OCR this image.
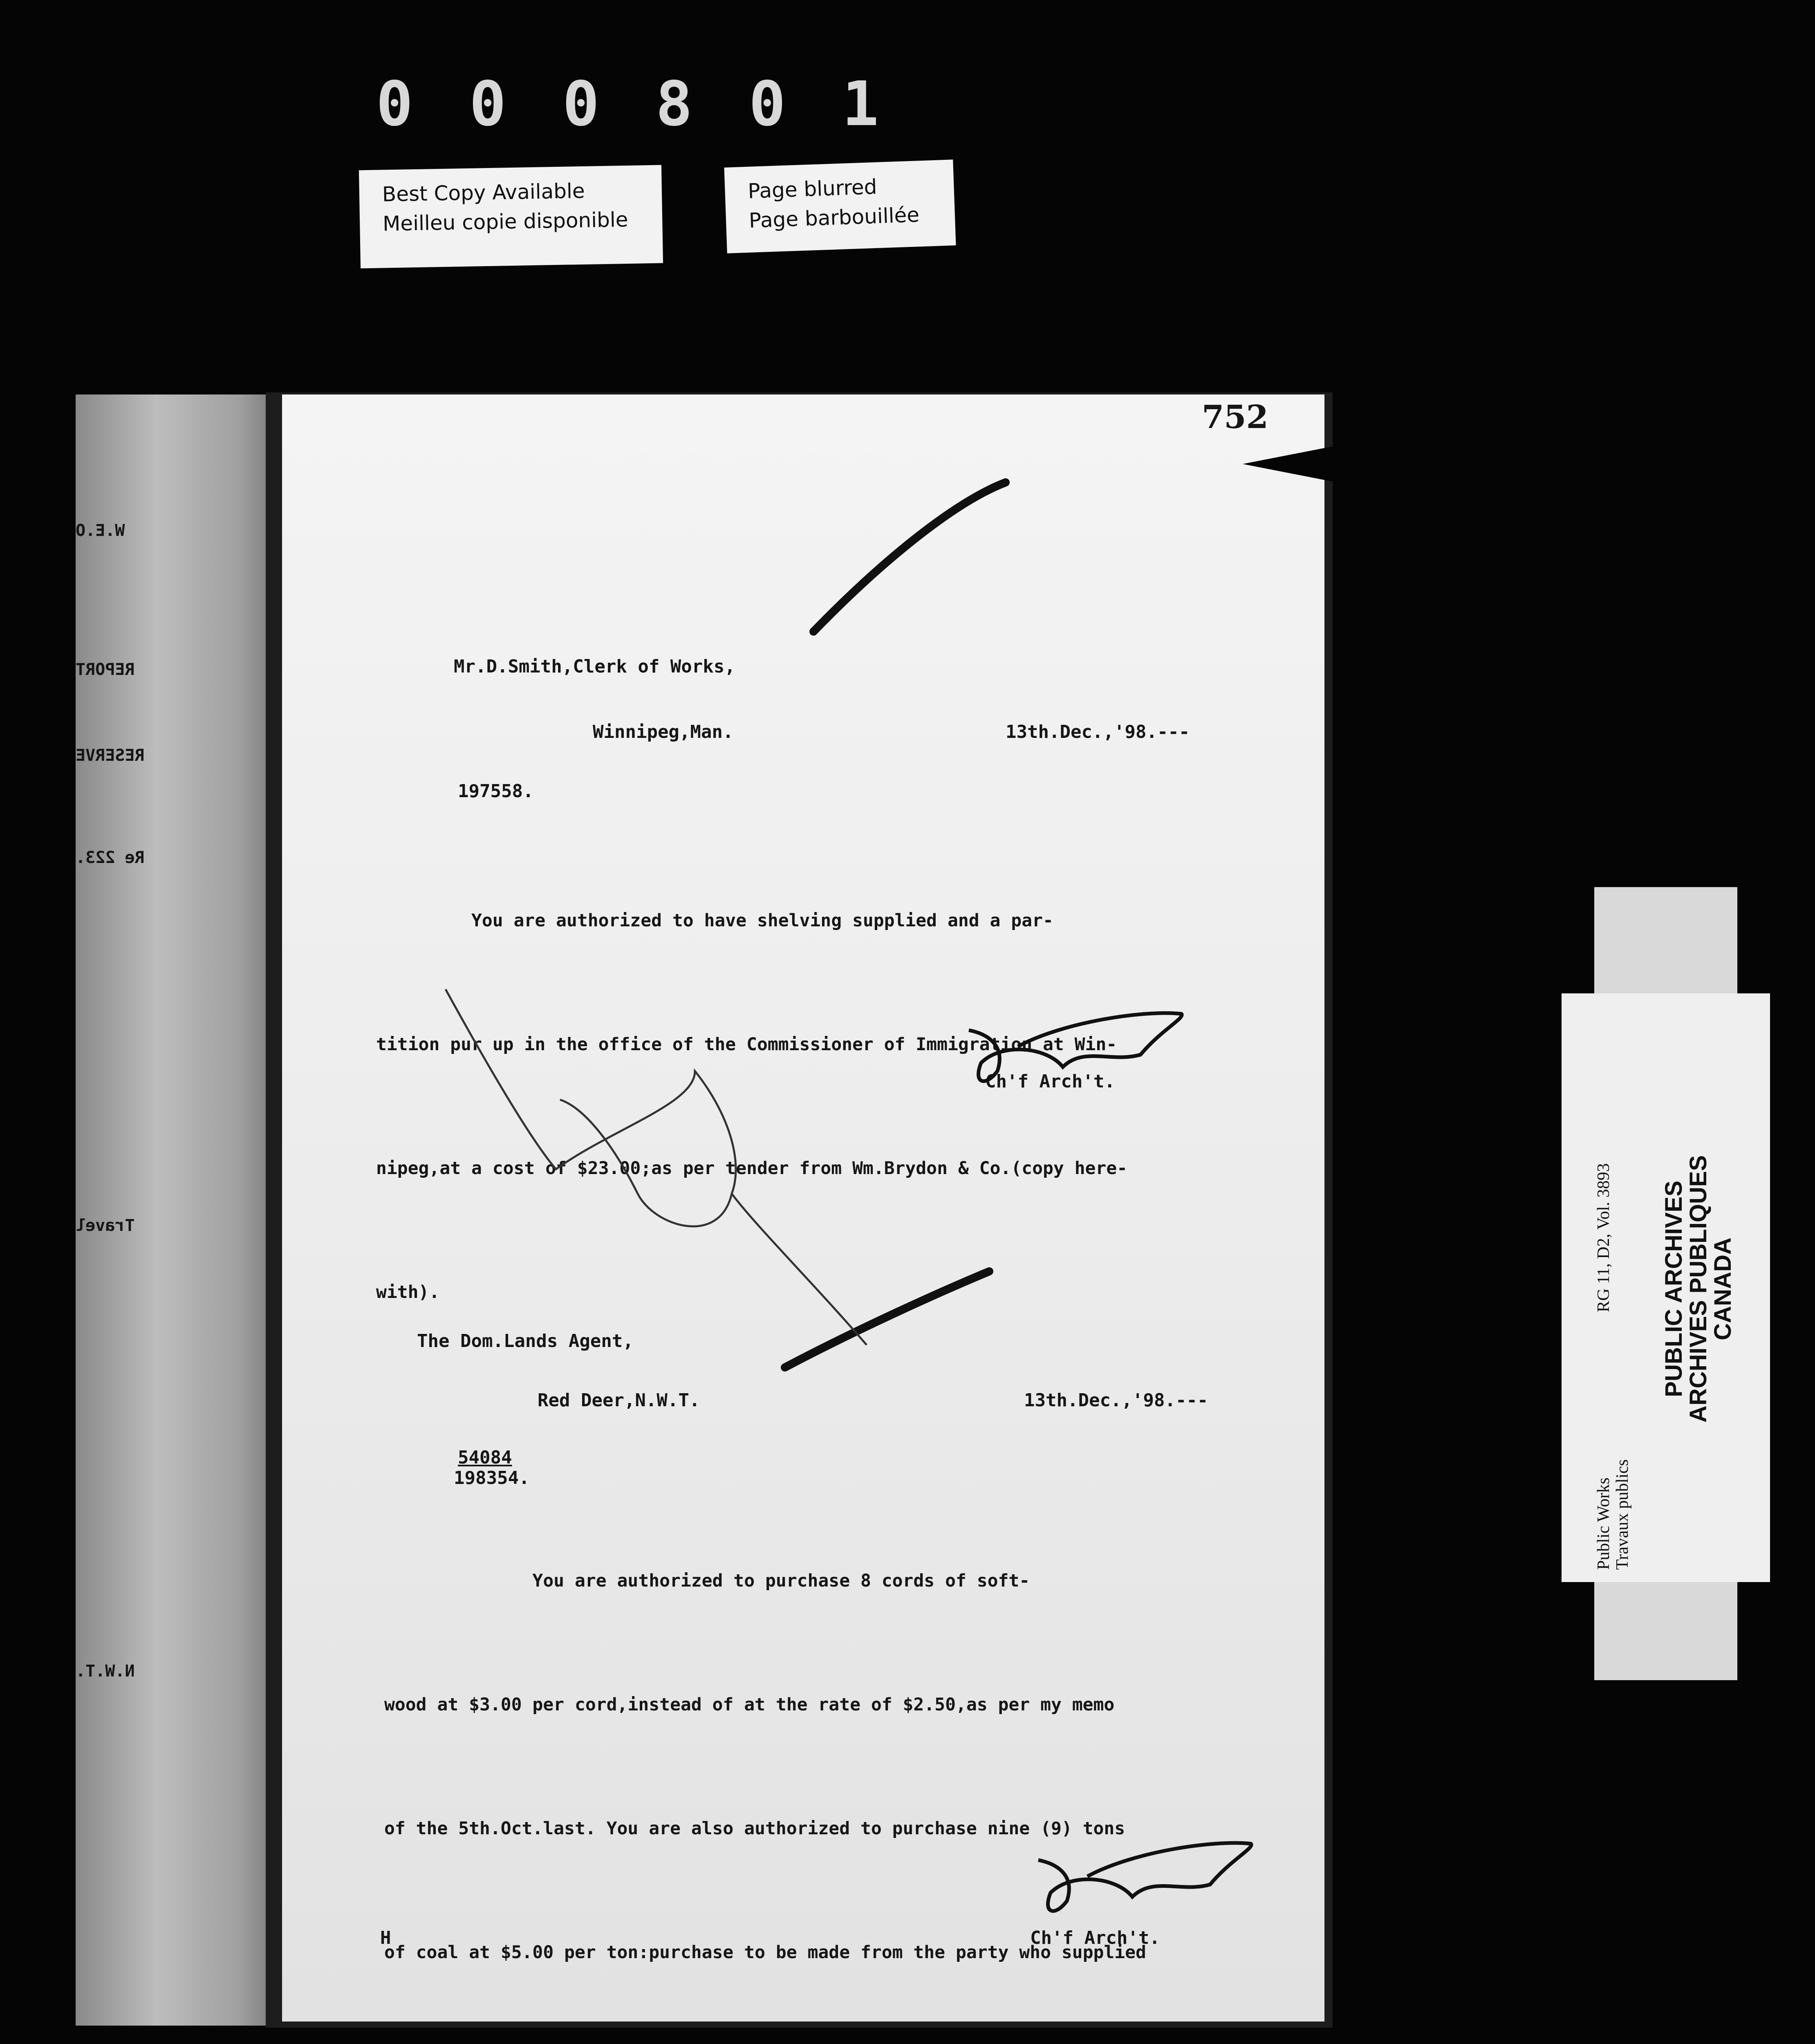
0 0 0 8 0 1
Best Copy Available
Meilleu copie disponible
Page blurred
Page barbouillée
W.E.O
REPORT
RESERVE
Re 223.
Travel
N.W.T.
752
Mr.D.Smith,Clerk of Works,
Winnipeg,Man.	13th.Dec.,'98.---
197558.

You are authorized to have shelving supplied and a par-

tition pur up in the office of the Commissioner of Immigration at Win-

nipeg,at a cost of $23.00;as per tender from Wm.Brydon & Co.(copy here-

with).

Ch'f Arch't.
The Dom.Lands Agent,
Red Deer,N.W.T.	13th.Dec.,'98.---
54084
198354.

You are authorized to purchase 8 cords of soft-

wood at $3.00 per cord,instead of at the rate of $2.50,as per my memo

of the 5th.Oct.last. You are also authorized to purchase nine (9) tons

of coal at $5.00 per ton:purchase to be made from the party who supplied

Ch'f Arch't.
H
RG 11, D2, Vol. 3893 PUBLIC ARCHIVES
ARCHIVES PUBLIQUES
CANADA
Public Works Travaux publics
